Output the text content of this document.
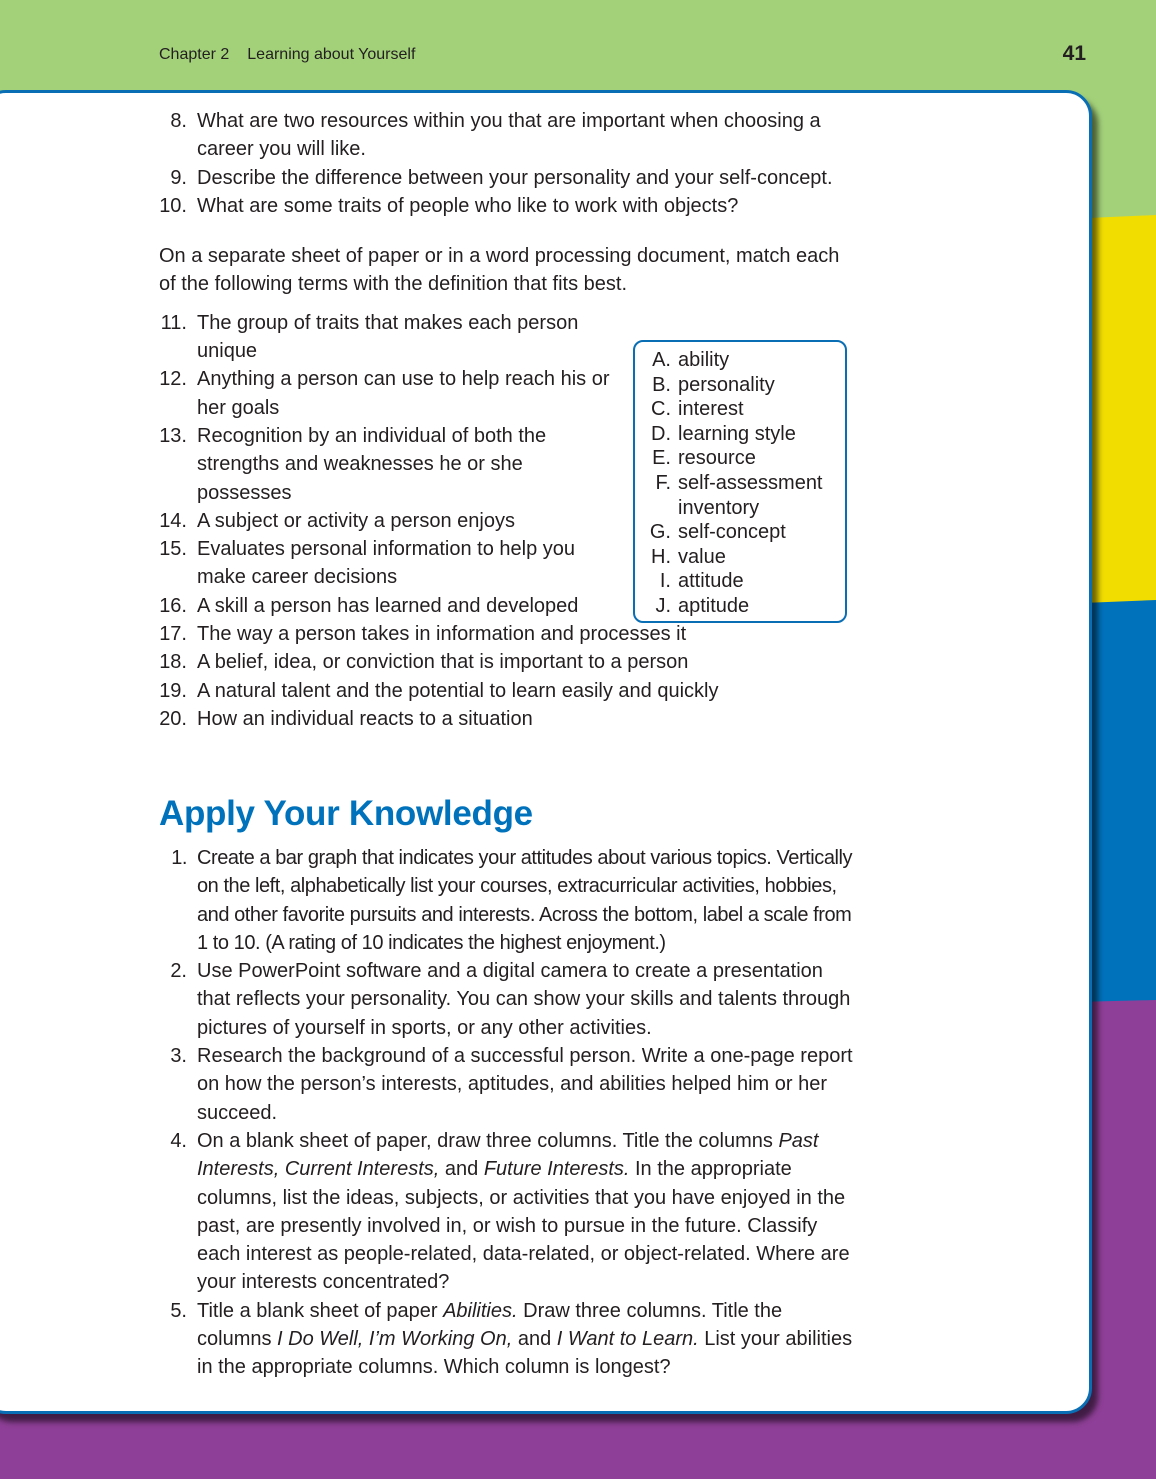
Chapter 2 Learning about Yourself	41
8. What are two resources within you that are important when choosing a career you will like.
9. Describe the difference between your personality and your self-concept.
10. What are some traits of people who like to work with objects?

On a separate sheet of paper or in a word processing document, match each of the following terms with the definition that fits best.

11. The group of traits that makes each person unique
12. Anything a person can use to help reach his or her goals
13. Recognition by an individual of both the strengths and weaknesses he or she possesses
14. A subject or activity a person enjoys
15. Evaluates personal information to help you make career decisions
16. A skill a person has learned and developed
17. The way a person takes in information and processes it
18. A belief, idea, or conviction that is important to a person
19. A natural talent and the potential to learn easily and quickly
20. How an individual reacts to a situation
A. ability
B. personality
C. interest
D. learning style
E. resource
F. self-assessment inventory
G. self-concept
H. value
I. attitude
J. aptitude
Apply Your Knowledge
1. Create a bar graph that indicates your attitudes about various topics. Vertically on the left, alphabetically list your courses, extracurricular activities, hobbies, and other favorite pursuits and interests. Across the bottom, label a scale from 1 to 10. (A rating of 10 indicates the highest enjoyment.)
2. Use PowerPoint software and a digital camera to create a presentation that reflects your personality. You can show your skills and talents through pictures of yourself in sports, or any other activities.
3. Research the background of a successful person. Write a one-page report on how the person’s interests, aptitudes, and abilities helped him or her succeed.
4. On a blank sheet of paper, draw three columns. Title the columns Past Interests, Current Interests, and Future Interests. In the appropriate columns, list the ideas, subjects, or activities that you have enjoyed in the past, are presently involved in, or wish to pursue in the future. Classify each interest as people-related, data-related, or object-related. Where are your interests concentrated?
5. Title a blank sheet of paper Abilities. Draw three columns. Title the columns I Do Well, I’m Working On, and I Want to Learn. List your abilities in the appropriate columns. Which column is longest?
